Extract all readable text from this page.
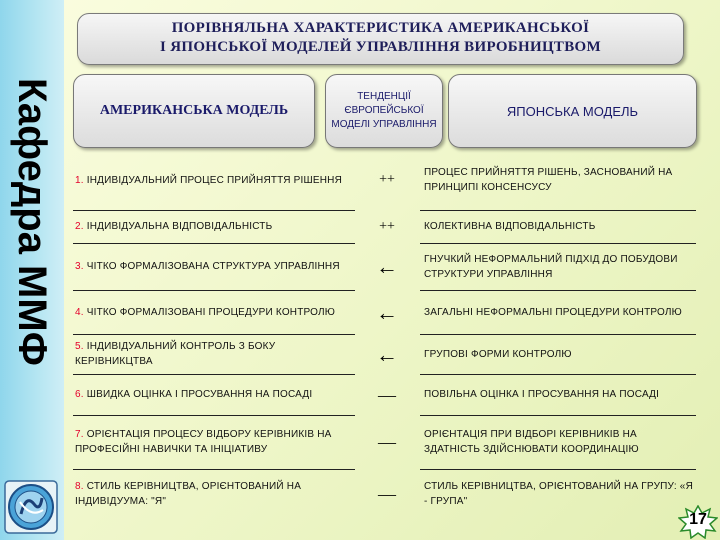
Кафедра ММФ
ПОРІВНЯЛЬНА ХАРАКТЕРИСТИКА АМЕРИКАНСЬКОЇ
І ЯПОНСЬКОЇ МОДЕЛЕЙ УПРАВЛІННЯ ВИРОБНИЦТВОМ
АМЕРИКАНСЬКА МОДЕЛЬ
ТЕНДЕНЦІЇ ЄВРОПЕЙСЬКОЇ МОДЕЛІ УПРАВЛІННЯ
ЯПОНСЬКА МОДЕЛЬ
1. ІНДИВІДУАЛЬНИЙ ПРОЦЕС ПРИЙНЯТТЯ РІШЕННЯ	++	ПРОЦЕС ПРИЙНЯТТЯ РІШЕНЬ, ЗАСНОВАНИЙ НА ПРИНЦИПІ КОНСЕНСУСУ
2. ІНДИВІДУАЛЬНА ВІДПОВІДАЛЬНІСТЬ	++	КОЛЕКТИВНА ВІДПОВІДАЛЬНІСТЬ
3. ЧІТКО ФОРМАЛІЗОВАНА СТРУКТУРА УПРАВЛІННЯ	←	ГНУЧКИЙ НЕФОРМАЛЬНИЙ ПІДХІД ДО ПОБУДОВИ СТРУКТУРИ УПРАВЛІННЯ
4. ЧІТКО ФОРМАЛІЗОВАНІ ПРОЦЕДУРИ КОНТРОЛЮ	←	ЗАГАЛЬНІ НЕФОРМАЛЬНІ ПРОЦЕДУРИ КОНТРОЛЮ
5. ІНДИВІДУАЛЬНИЙ КОНТРОЛЬ З БОКУ КЕРІВНИКЦТВА	←	ГРУПОВІ ФОРМИ КОНТРОЛЮ
6. ШВИДКА ОЦІНКА І ПРОСУВАННЯ НА ПОСАДІ	—	ПОВІЛЬНА ОЦІНКА І ПРОСУВАННЯ НА ПОСАДІ
7. ОРІЄНТАЦІЯ ПРОЦЕСУ ВІДБОРУ КЕРІВНИКІВ НА ПРОФЕСІЙНІ НАВИЧКИ ТА ІНІЦІАТИВУ	—	ОРІЄНТАЦІЯ ПРИ ВІДБОРІ КЕРІВНИКІВ НА ЗДАТНІСТЬ ЗДІЙСНЮВАТИ КООРДИНАЦІЮ
8. СТИЛЬ КЕРІВНИЦТВА, ОРІЄНТОВАНИЙ НА ІНДИВІДУУМА: "Я"	—	СТИЛЬ КЕРІВНИЦТВА, ОРІЄНТОВАНИЙ НА ГРУПУ: «Я - ГРУПА"
17
